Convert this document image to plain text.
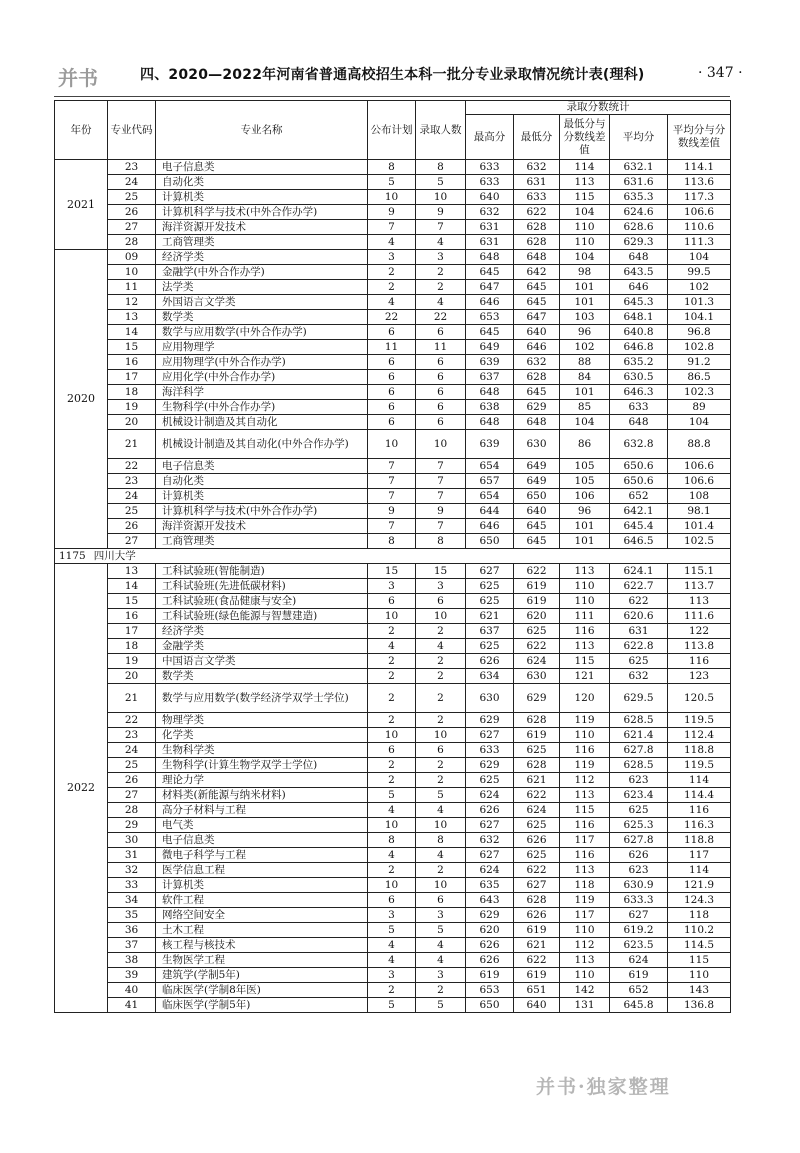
并书	四、2020—2022年河南省普通高校招生本科一批分专业录取情况统计表(理科)	· 347 ·
年份	专业代码	专业名称	公布计划	录取人数	录取分数统计				
					最高分	最低分	最低分与分数线差值	平均分	平均分与分数线差值
2021	23	电子信息类	8	8	633	632	114	632.1	114.1
	24	自动化类	5	5	633	631	113	631.6	113.6
	25	计算机类	10	10	640	633	115	635.3	117.3
	26	计算机科学与技术(中外合作办学)	9	9	632	622	104	624.6	106.6
	27	海洋资源开发技术	7	7	631	628	110	628.6	110.6
	28	工商管理类	4	4	631	628	110	629.3	111.3
2020	09	经济学类	3	3	648	648	104	648	104
	10	金融学(中外合作办学)	2	2	645	642	98	643.5	99.5
	11	法学类	2	2	647	645	101	646	102
	12	外国语言文学类	4	4	646	645	101	645.3	101.3
	13	数学类	22	22	653	647	103	648.1	104.1
	14	数学与应用数学(中外合作办学)	6	6	645	640	96	640.8	96.8
	15	应用物理学	11	11	649	646	102	646.8	102.8
	16	应用物理学(中外合作办学)	6	6	639	632	88	635.2	91.2
	17	应用化学(中外合作办学)	6	6	637	628	84	630.5	86.5
	18	海洋科学	6	6	648	645	101	646.3	102.3
	19	生物科学(中外合作办学)	6	6	638	629	85	633	89
	20	机械设计制造及其自动化	6	6	648	648	104	648	104
	21	机械设计制造及其自动化(中外合作办学)	10	10	639	630	86	632.8	88.8
	22	电子信息类	7	7	654	649	105	650.6	106.6
	23	自动化类	7	7	657	649	105	650.6	106.6
	24	计算机类	7	7	654	650	106	652	108
	25	计算机科学与技术(中外合作办学)	9	9	644	640	96	642.1	98.1
	26	海洋资源开发技术	7	7	646	645	101	645.4	101.4
	27	工商管理类	8	8	650	645	101	646.5	102.5
1175 四川大学									
2022	13	工科试验班(智能制造)	15	15	627	622	113	624.1	115.1
	14	工科试验班(先进低碳材料)	3	3	625	619	110	622.7	113.7
	15	工科试验班(食品健康与安全)	6	6	625	619	110	622	113
	16	工科试验班(绿色能源与智慧建造)	10	10	621	620	111	620.6	111.6
	17	经济学类	2	2	637	625	116	631	122
	18	金融学类	4	4	625	622	113	622.8	113.8
	19	中国语言文学类	2	2	626	624	115	625	116
	20	数学类	2	2	634	630	121	632	123
	21	数学与应用数学(数学经济学双学士学位)	2	2	630	629	120	629.5	120.5
	22	物理学类	2	2	629	628	119	628.5	119.5
	23	化学类	10	10	627	619	110	621.4	112.4
	24	生物科学类	6	6	633	625	116	627.8	118.8
	25	生物科学(计算生物学双学士学位)	2	2	629	628	119	628.5	119.5
	26	理论力学	2	2	625	621	112	623	114
	27	材料类(新能源与纳米材料)	5	5	624	622	113	623.4	114.4
	28	高分子材料与工程	4	4	626	624	115	625	116
	29	电气类	10	10	627	625	116	625.3	116.3
	30	电子信息类	8	8	632	626	117	627.8	118.8
	31	微电子科学与工程	4	4	627	625	116	626	117
	32	医学信息工程	2	2	624	622	113	623	114
	33	计算机类	10	10	635	627	118	630.9	121.9
	34	软件工程	6	6	643	628	119	633.3	124.3
	35	网络空间安全	3	3	629	626	117	627	118
	36	土木工程	5	5	620	619	110	619.2	110.2
	37	核工程与核技术	4	4	626	621	112	623.5	114.5
	38	生物医学工程	4	4	626	622	113	624	115
	39	建筑学(学制5年)	3	3	619	619	110	619	110
	40	临床医学(学制8年医)	2	2	653	651	142	652	143
	41	临床医学(学制5年)	5	5	650	640	131	645.8	136.8
并书·独家整理
